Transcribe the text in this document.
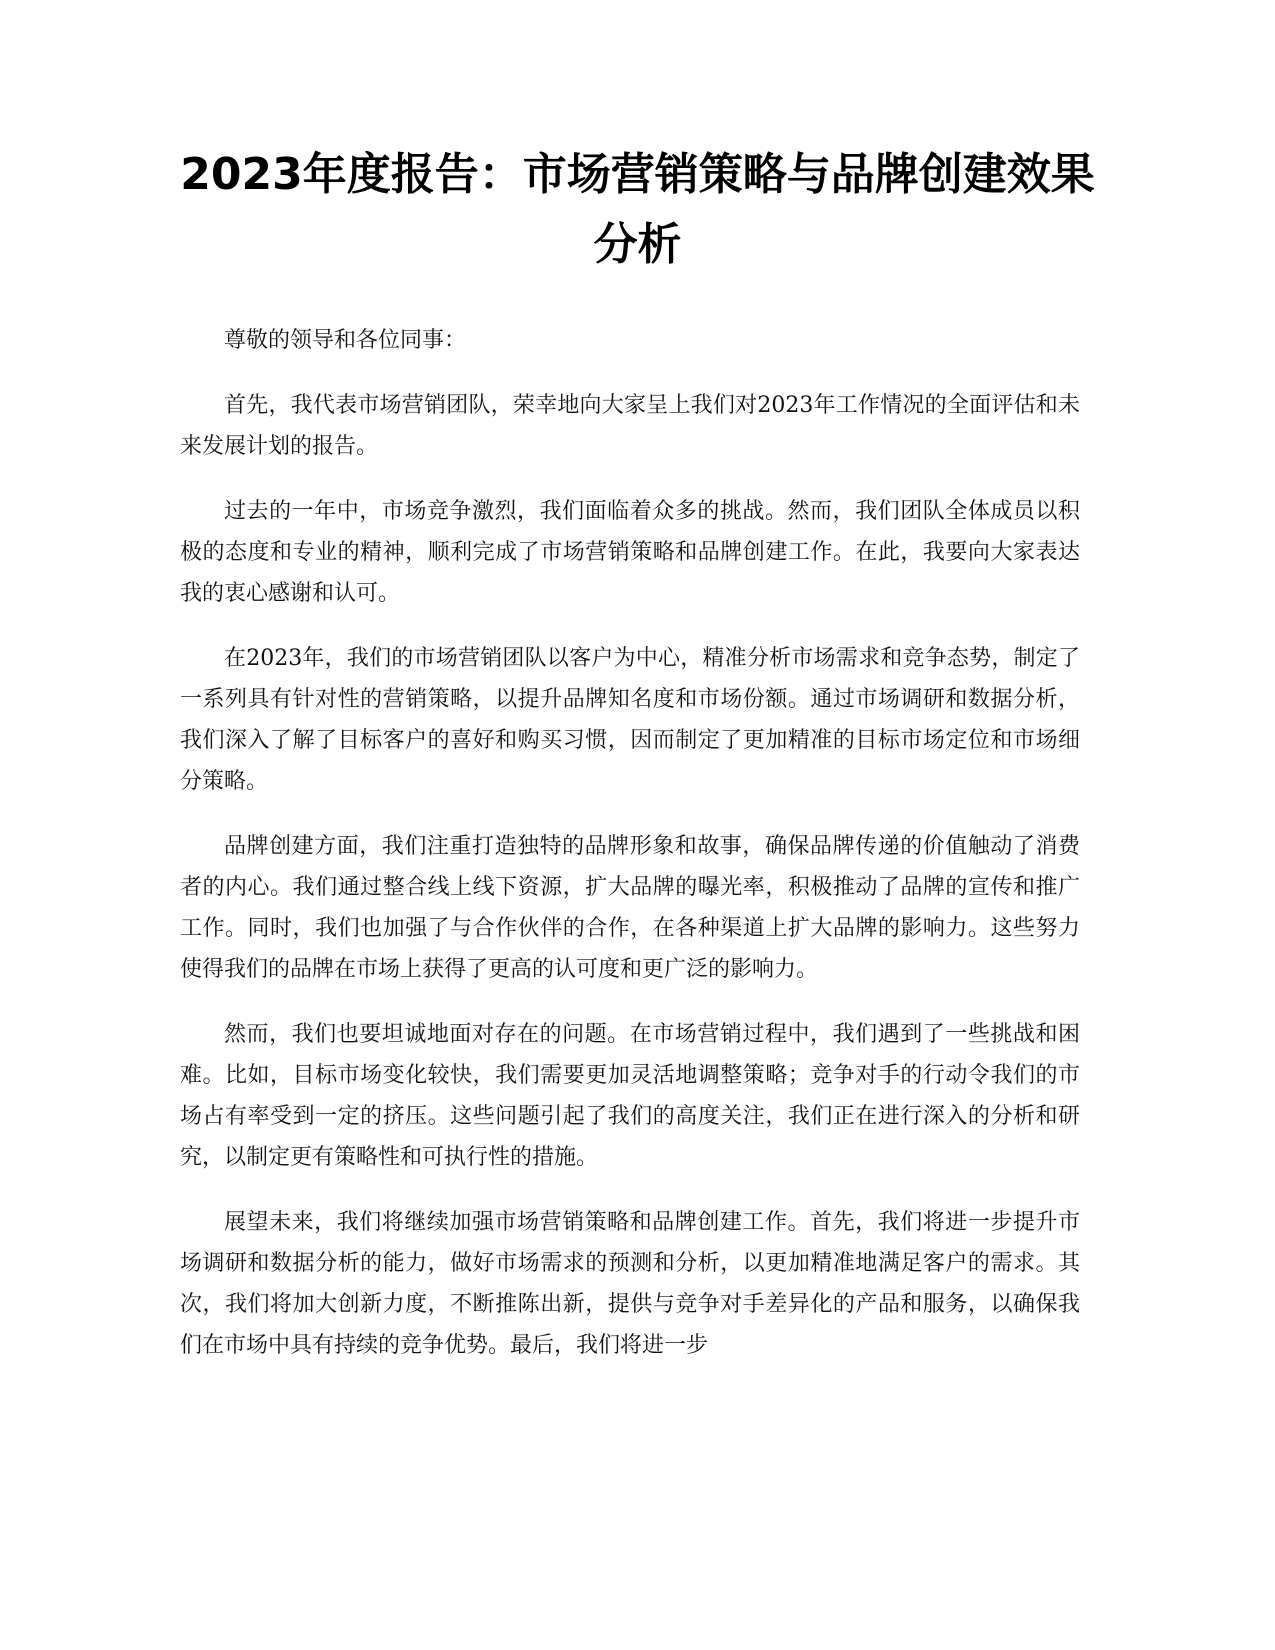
2023年度报告：市场营销策略与品牌创建效果分析

尊敬的领导和各位同事：

首先，我代表市场营销团队，荣幸地向大家呈上我们对2023年工作情况的全面评估和未来发展计划的报告。

过去的一年中，市场竞争激烈，我们面临着众多的挑战。然而，我们团队全体成员以积极的态度和专业的精神，顺利完成了市场营销策略和品牌创建工作。在此，我要向大家表达我的衷心感谢和认可。

在2023年，我们的市场营销团队以客户为中心，精准分析市场需求和竞争态势，制定了一系列具有针对性的营销策略，以提升品牌知名度和市场份额。通过市场调研和数据分析，我们深入了解了目标客户的喜好和购买习惯，因而制定了更加精准的目标市场定位和市场细分策略。

品牌创建方面，我们注重打造独特的品牌形象和故事，确保品牌传递的价值触动了消费者的内心。我们通过整合线上线下资源，扩大品牌的曝光率，积极推动了品牌的宣传和推广工作。同时，我们也加强了与合作伙伴的合作，在各种渠道上扩大品牌的影响力。这些努力使得我们的品牌在市场上获得了更高的认可度和更广泛的影响力。

然而，我们也要坦诚地面对存在的问题。在市场营销过程中，我们遇到了一些挑战和困难。比如，目标市场变化较快，我们需要更加灵活地调整策略；竞争对手的行动令我们的市场占有率受到一定的挤压。这些问题引起了我们的高度关注，我们正在进行深入的分析和研究，以制定更有策略性和可执行性的措施。

展望未来，我们将继续加强市场营销策略和品牌创建工作。首先，我们将进一步提升市场调研和数据分析的能力，做好市场需求的预测和分析，以更加精准地满足客户的需求。其次，我们将加大创新力度，不断推陈出新，提供与竞争对手差异化的产品和服务，以确保我们在市场中具有持续的竞争优势。最后，我们将进一步
